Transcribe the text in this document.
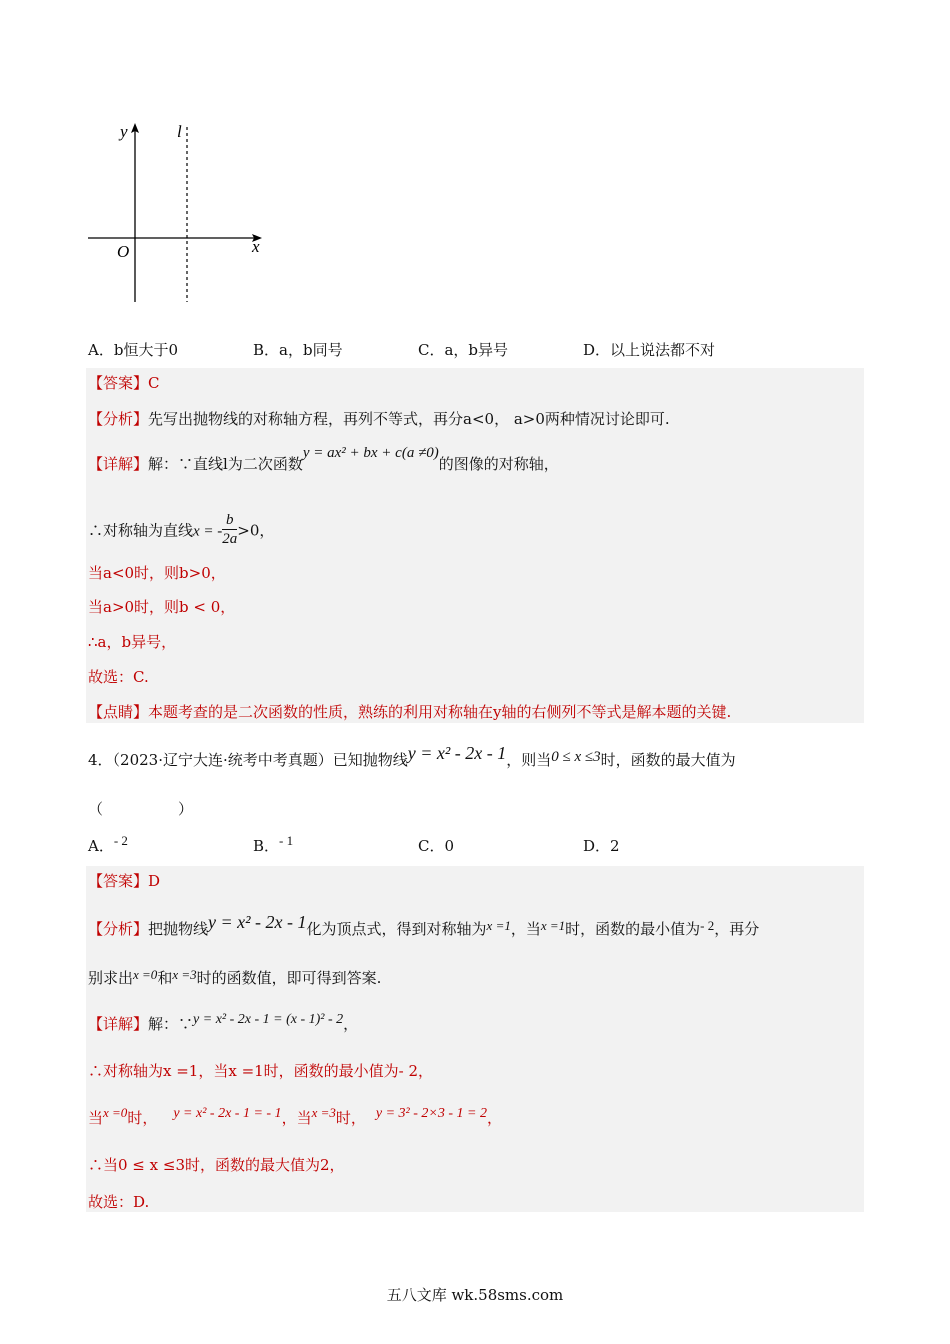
y
x
O
l
A．b恒大于0	B．a，b同号	C．a，b异号	D．以上说法都不对
【答案】C
【分析】先写出抛物线的对称轴方程，再列不等式，再分a<0， a>0两种情况讨论即可.
【详解】解：∵直线l为二次函数y = ax² + bx + c(a ≠0)的图像的对称轴，
∴对称轴为直线x = - $\frac{b}{2a} >0$，
当a<0时，则b>0，
当a>0时，则b < 0，
∴a，b异号，
故选：C.
【点睛】本题考查的是二次函数的性质，熟练的利用对称轴在y轴的右侧列不等式是解本题的关键.
4．（2023·辽宁大连·统考中考真题）已知抛物线y = x² - 2x - 1，则当0 ≤ x ≤3时，函数的最大值为
（　　　　　）
A．- 2	B．- 1	C．0	D．2
【答案】D
【分析】把抛物线y = x² - 2x - 1化为顶点式，得到对称轴为x =1，当x =1时，函数的最小值为- 2，再分
别求出x =0和x =3时的函数值，即可得到答案.
【详解】解：∵y = x² - 2x - 1 = (x - 1)² - 2，
∴对称轴为x =1，当x =1时，函数的最小值为- 2，
当x =0时， y = x² - 2x - 1 = - 1，当x =3时， y = 3² - 2×3 - 1 = 2，
∴当0 ≤ x ≤3时，函数的最大值为2，
故选：D.
五八文库 wk.58sms.com
